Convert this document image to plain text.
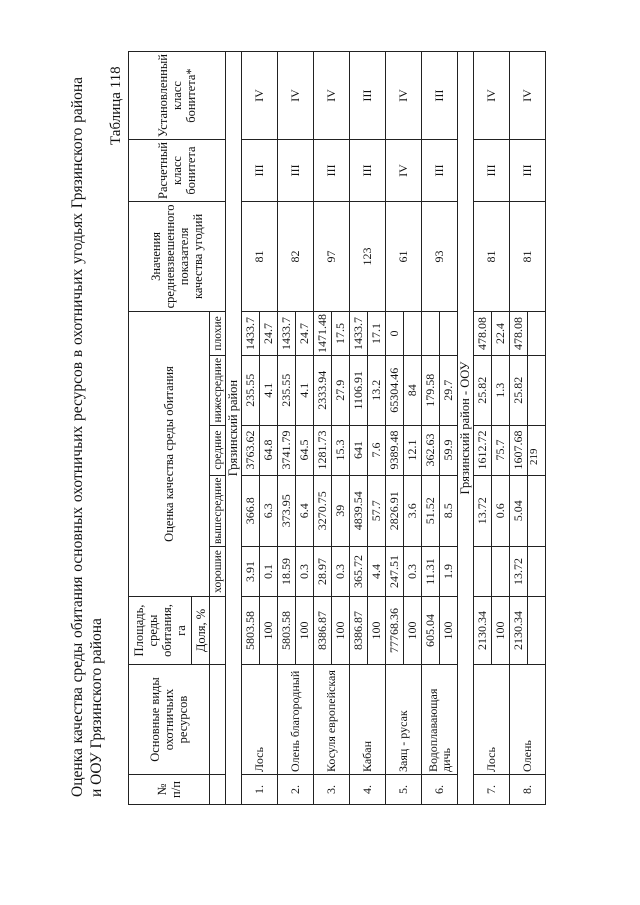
Оценка качества среды обитания основных охотничьих ресурсов в охотничьих угодьях Грязинского района и ООУ Грязинского района
Таблица 118
№ п/п	Основные виды охотничьих ресурсов	Площадь, среды обитания, га	Оценка качества среды обитания					Значения средневзвешенного показателя качества угодий	Расчетный класс бонитета	Установленный класс бонитета*
		Доля, %								
			хорошие	вышесредние	средние	нижесредние	плохие			
Грязинский район										
1.	Лось	5803.58	3.91	366.8	3763.62	235.55	1433.7	81	III	IV
		100	0.1	6.3	64.8	4.1	24.7			
2.	Олень благородный	5803.58	18.59	373.95	3741.79	235.55	1433.7	82	III	IV
		100	0.3	6.4	64.5	4.1	24.7			
3.	Косуля европейская	8386.87	28.97	3270.75	1281.73	2333.94	1471.48	97	III	IV
		100	0.3	39	15.3	27.9	17.5			
4.	Кабан	8386.87	365.72	4839.54	641	1106.91	1433.7	123	III	III
		100	4.4	57.7	7.6	13.2	17.1			
5.	Заяц - русак	77768.36	247.51	2826.91	9389.48	65304.46	0	61	IV	IV
		100	0.3	3.6	12.1	84				
6.	Водоплавающая дичь	605.04	11.31	51.52	362.63	179.58		93	III	III
		100	1.9	8.5	59.9	29.7				
Грязинский район - ООУ										
7.	Лось	2130.34		13.72	1612.72	25.82	478.08	81	III	IV
		100		0.6	75.7	1.3	22.4			
8.	Олень	2130.34	13.72	5.04	1607.68	25.82	478.08	81	III	IV

219
